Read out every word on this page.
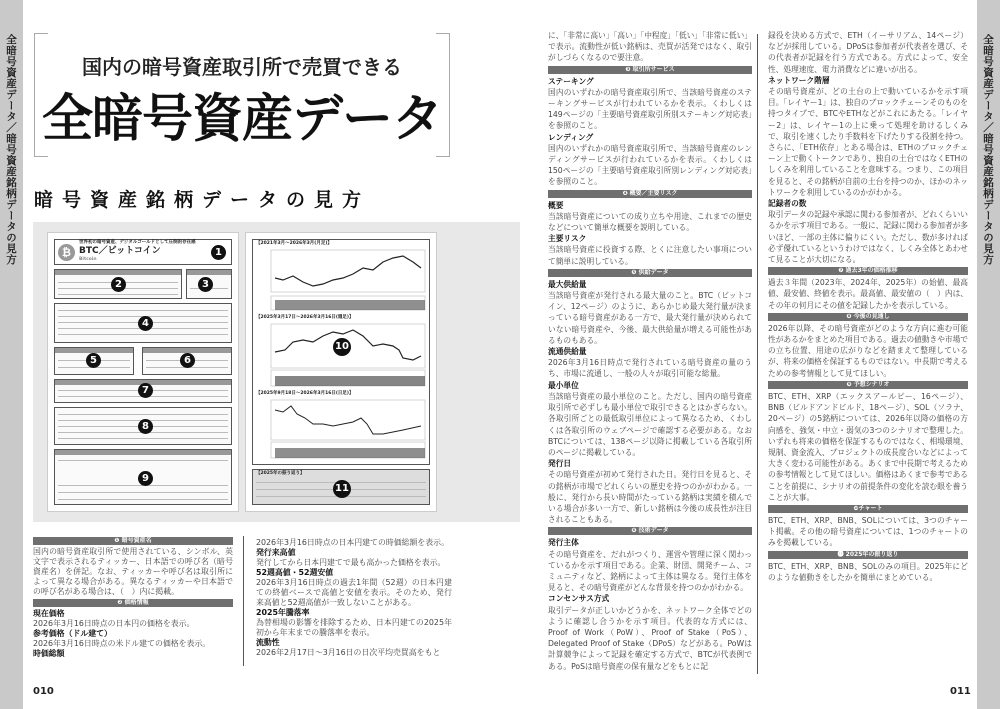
全暗号資産データ／暗号資産銘柄データの見方	全暗号資産データ／暗号資産銘柄データの見方
国内の暗号資産取引所で売買できる
全暗号資産データ
暗号資産銘柄データの見方
₿
世界初の暗号資産、デジタルゴールドとして圧倒的存在感
BTC／ビットコイン
Bitcoin
1
2	3
4
5	6
7
8
9
【2021年3月～2026年3月(月足)】
【2025年3月17日～2026年3月16日(週足)】
【2025年9月18日～2026年3月16日(日足)】
10
【2025年の振り返り】
11
❶ 暗号資産名
国内の暗号資産取引所で使用されている、シンボル、英文字で表示されるティッカー、日本語での呼び名（暗号資産名）を併記。なお、ティッカーや呼び名は取引所によって異なる場合がある。異なるティッカーや日本語での呼び名がある場合は、（　）内に掲載。
❷ 価格情報
現在価格
2026年3月16日時点の日本円の価格を表示。
参考価格（ドル建て）
2026年3月16日時点の米ドル建ての価格を表示。
時価総額
2026年3月16日時点の日本円建ての時価総額を表示。
発行来高値
発行してから日本円建てで最も高かった価格を表示。
52週高値・52週安値
2026年3月16日時点の過去1年間（52週）の日本円建ての終値ベースで高値と安値を表示。そのため、発行来高値と52週高値が一致しないことがある。
2025年騰落率
為替相場の影響を排除するため、日本円建ての2025年初から年末までの騰落率を表示。
流動性
2026年2月17日～3月16日の日次平均売買高をもと
に、「非常に高い」「高い」「中程度」「低い」「非常に低い」で表示。流動性が低い銘柄は、売買が活発ではなく、取引がしづらくなるので要注意。
❸ 取引所サービス
ステーキング
国内のいずれかの暗号資産取引所で、当該暗号資産のステーキングサービスが行われているかを表示。くわしくは149ページの「主要暗号資産取引所別ステーキング対応表」を参照のこと。
レンディング
国内のいずれかの暗号資産取引所で、当該暗号資産のレンディングサービスが行われているかを表示。くわしくは150ページの「主要暗号資産取引所別レンディング対応表」を参照のこと。
❹ 概要／主要リスク
概要
当該暗号資産についての成り立ちや用途、これまでの歴史などについて簡単な概要を説明している。
主要リスク
当該暗号資産に投資する際、とくに注意したい事項について簡単に説明している。
❺ 供給データ
最大供給量
当該暗号資産が発行される最大量のこと。BTC（ビットコイン、12ページ）のように、あらかじめ最大発行量が決まっている暗号資産がある一方で、最大発行量が決められていない暗号資産や、今後、最大供給量が増える可能性があるものもある。
流通供給量
2026年3月16日時点で発行されている暗号資産の量のうち、市場に流通し、一般の人々が取引可能な総量。
最小単位
当該暗号資産の最小単位のこと。ただし、国内の暗号資産取引所で必ずしも最小単位で取引できるとはかぎらない。各取引所ごとの最低取引単位によって異なるため、くわしくは各取引所のウェブページで確認する必要がある。なおBTCについては、138ページ以降に掲載している各取引所のページに掲載している。
発行日
その暗号資産が初めて発行された日。発行日を見ると、その銘柄が市場でどれくらいの歴史を持つのかがわかる。一般に、発行から長い時間がたっている銘柄は実績を積んでいる場合が多い一方で、新しい銘柄は今後の成長性が注目されることもある。
❻ 技術データ
発行主体
その暗号資産を、だれがつくり、運営や管理に深く関わっているかを示す項目である。企業、財団、開発チーム、コミュニティなど、銘柄によって主体は異なる。発行主体を見ると、その暗号資産がどんな背景を持つのかがわかる。
コンセンサス方式
取引データが正しいかどうかを、ネットワーク全体でどのように確認し合うかを示す項目。代表的な方式には、Proof of Work（PoW）、Proof of Stake（PoS）、Delegated Proof of Stake（DPoS）などがある。PoWは計算競争によって記録を確定する方式で、BTCが代表例である。PoSは暗号資産の保有量などをもとに記
録役を決める方式で、ETH（イーサリアム、14ページ）などが採用している。DPoSは参加者が代表者を選び、その代表者が記録を行う方式である。方式によって、安全性、処理速度、電力消費などに違いが出る。
ネットワーク階層
その暗号資産が、どの土台の上で動いているかを示す項目。「レイヤー1」は、独自のブロックチェーンそのものを持つタイプで、BTCやETHなどがこれにあたる。「レイヤー2」は、レイヤー1の上に乗って処理を助けるしくみで、取引を速くしたり手数料を下げたりする役割を持つ。さらに、「ETH依存」とある場合は、ETHのブロックチェーン上で動くトークンであり、独自の土台ではなくETHのしくみを利用していることを意味する。つまり、この項目を見ると、その銘柄が自前の土台を持つのか、ほかのネットワークを利用しているのかがわかる。
記録者の数
取引データの記録や承認に関わる参加者が、どれくらいいるかを示す項目である。一般に、記録に関わる参加者が多いほど、一部の主体に偏りにくい。ただし、数が多ければ必ず優れているというわけではなく、しくみ全体とあわせて見ることが大切になる。
❼ 過去3年の価格推移
過去３年間（2023年、2024年、2025年）の始値、最高値、最安値、終値を表示。最高値、最安値の（　）内は、その年の何月にその値を記録したかを表示している。
❽ 今後の見通し
2026年以降、その暗号資産がどのような方向に進む可能性があるかをまとめた項目である。過去の値動きや市場での立ち位置、用途の広がりなどを踏まえて整理しているが、将来の価格を保証するものではない。中長期で考えるための参考情報として見てほしい。
❾ 予想シナリオ
BTC、ETH、XRP（エックスアールピー、16ページ）、BNB（ビルドアンドビルド、18ページ）、SOL（ソラナ、20ページ）の5銘柄については、2026年以降の価格の方向感を、強気・中立・弱気の3つのシナリオで整理した。いずれも将来の価格を保証するものではなく、相場環境、規制、資金流入、プロジェクトの成長度合いなどによって大きく変わる可能性がある。あくまで中長期で考えるための参考情報として見てほしい。価格はあくまで参考であることを前提に、シナリオの前提条件の変化を読む眼を養うことが大事。
❿チャート
BTC、ETH、XRP、BNB、SOLについては、3つのチャート掲載。その他の暗号資産については、1つのチャートのみを掲載している。
⓫ 2025年の振り返り
BTC、ETH、XRP、BNB、SOLのみの項目。2025年にどのような値動きをしたかを簡単にまとめている。
010	011
